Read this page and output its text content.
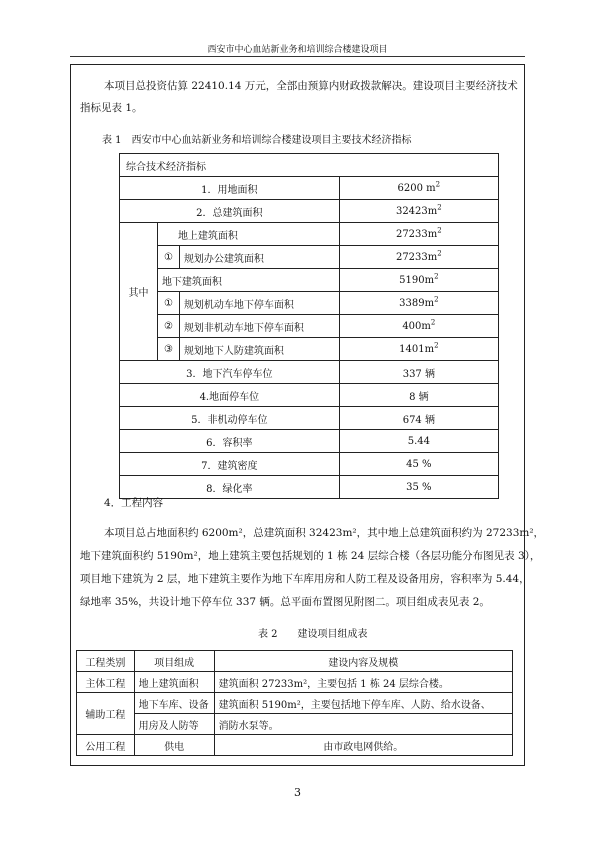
西安市中心血站新业务和培训综合楼建设项目
本项目总投资估算 22410.14 万元，全部由预算内财政拨款解决。建设项目主要经济技术
指标见表 1。
表 1　西安市中心血站新业务和培训综合楼建设项目主要技术经济指标
综合技术经济指标			
1．用地面积			6200 $m^2$
2．总建筑面积			$32423m^2$
其中	地上建筑面积		$27233m^2$
	①	规划办公建筑面积	$27233m^2$
	地下建筑面积		$5190m^2$
	①	规划机动车地下停车面积	$3389m^2$
	②	规划非机动车地下停车面积	$400m^2$
	③	规划地下人防建筑面积	$1401m^2$
3．地下汽车停车位			337 辆
4.地面停车位			8 辆
5．非机动停车位			674 辆
6．容积率			5.44
7．建筑密度			45 %
8．绿化率			35 %
4．工程内容
本项目总占地面积约 6200m²，总建筑面积 32423m²，其中地上总建筑面积约为 27233m²，
地下建筑面积约 5190m²，地上建筑主要包括规划的 1 栋 24 层综合楼（各层功能分布图见表 3），
项目地下建筑为 2 层，地下建筑主要作为地下车库用房和人防工程及设备用房，容积率为 5.44，
绿地率 35%，共设计地下停车位 337 辆。总平面布置图见附图二。项目组成表见表 2。
表 2　　建设项目组成表
工程类别	项目组成	建设内容及规模
主体工程	地上建筑面积	建筑面积 27233m²，主要包括 1 栋 24 层综合楼。
辅助工程	地下车库、设备	建筑面积 5190m²，主要包括地下停车库、人防、给水设备、
	用房及人防等	消防水泵等。
公用工程	供电	由市政电网供给。
3
